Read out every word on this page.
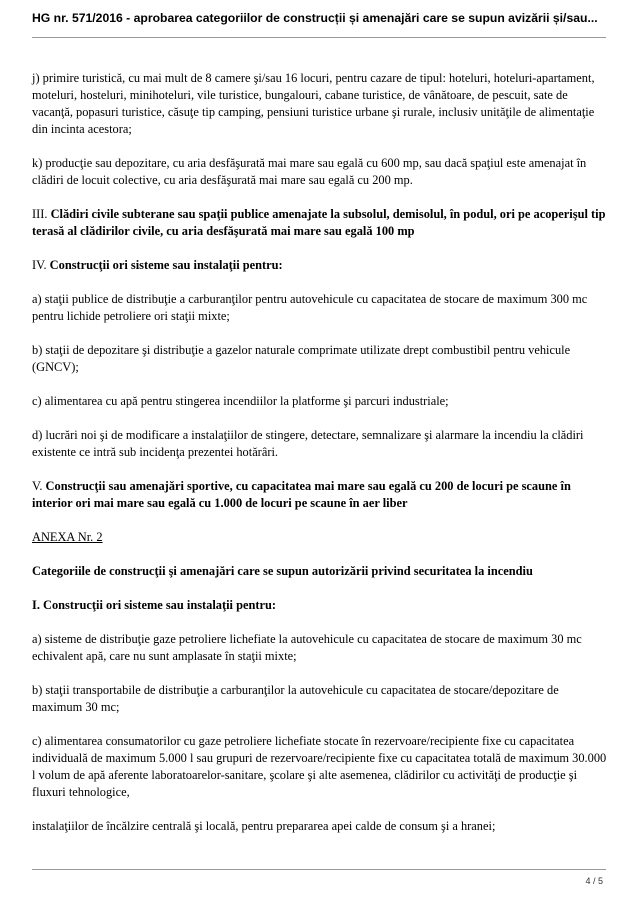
HG nr. 571/2016 - aprobarea categoriilor de construcții și amenajări care se supun avizării și/sau...

j) primire turistică, cu mai mult de 8 camere şi/sau 16 locuri, pentru cazare de tipul: hoteluri, hoteluri-apartament, moteluri, hosteluri, minihoteluri, vile turistice, bungalouri, cabane turistice, de vânătoare, de pescuit, sate de vacanţă, popasuri turistice, căsuţe tip camping, pensiuni turistice urbane şi rurale, inclusiv unităţile de alimentaţie din incinta acestora;

k) producţie sau depozitare, cu aria desfăşurată mai mare sau egală cu 600 mp, sau dacă spaţiul este amenajat în clădiri de locuit colective, cu aria desfăşurată mai mare sau egală cu 200 mp.

III. Clădiri civile subterane sau spaţii publice amenajate la subsolul, demisolul, în podul, ori pe acoperişul tip terasă al clădirilor civile, cu aria desfăşurată mai mare sau egală 100 mp

IV. Construcţii ori sisteme sau instalaţii pentru:

a) staţii publice de distribuţie a carburanţilor pentru autovehicule cu capacitatea de stocare de maximum 300 mc pentru lichide petroliere ori staţii mixte;

b) staţii de depozitare şi distribuţie a gazelor naturale comprimate utilizate drept combustibil pentru vehicule (GNCV);

c) alimentarea cu apă pentru stingerea incendiilor la platforme şi parcuri industriale;

d) lucrări noi şi de modificare a instalaţiilor de stingere, detectare, semnalizare şi alarmare la incendiu la clădiri existente ce intră sub incidenţa prezentei hotărâri.

V. Construcţii sau amenajări sportive, cu capacitatea mai mare sau egală cu 200 de locuri pe scaune în interior ori mai mare sau egală cu 1.000 de locuri pe scaune în aer liber

ANEXA Nr. 2

Categoriile de construcţii şi amenajări care se supun autorizării privind securitatea la incendiu

I. Construcţii ori sisteme sau instalaţii pentru:

a) sisteme de distribuţie gaze petroliere lichefiate la autovehicule cu capacitatea de stocare de maximum 30 mc echivalent apă, care nu sunt amplasate în staţii mixte;

b) staţii transportabile de distribuţie a carburanţilor la autovehicule cu capacitatea de stocare/depozitare de maximum 30 mc;

c) alimentarea consumatorilor cu gaze petroliere lichefiate stocate în rezervoare/recipiente fixe cu capacitatea individuală de maximum 5.000 l sau grupuri de rezervoare/recipiente fixe cu capacitatea totală de maximum 30.000 l volum de apă aferente laboratoarelor-sanitare, şcolare şi alte asemenea, clădirilor cu activităţi de producţie şi fluxuri tehnologice,

instalaţiilor de încălzire centrală şi locală, pentru prepararea apei calde de consum şi a hranei;

4 / 5
